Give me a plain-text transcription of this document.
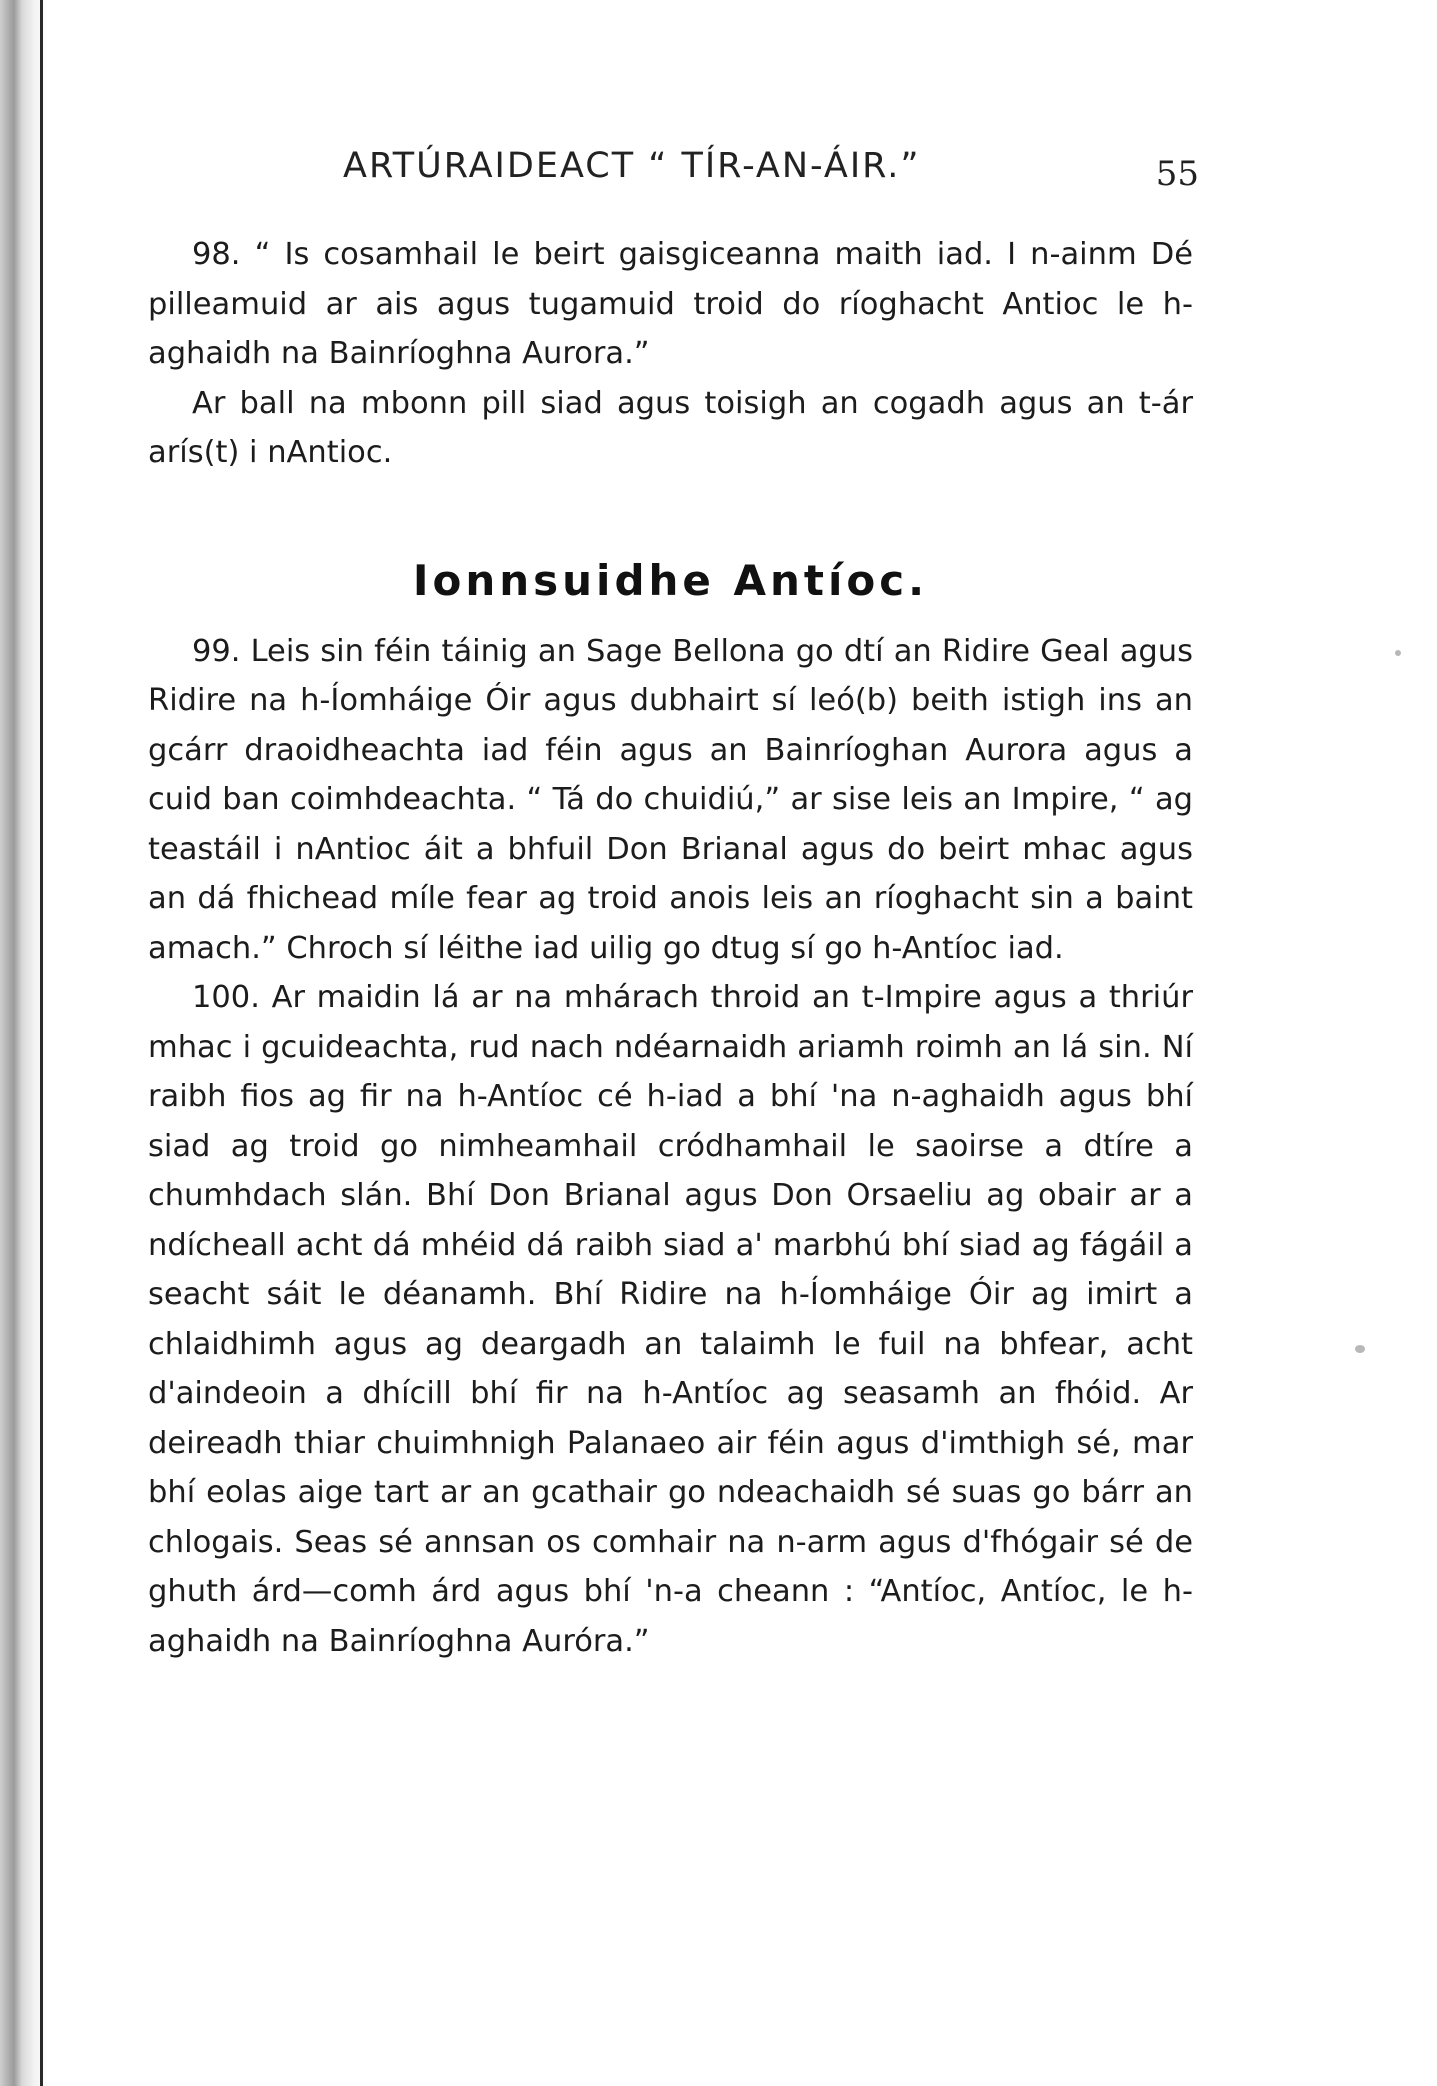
ARTÚRAIDEACT “ TÍR-AN-ÁIR.”	55

98. “ Is cosamhail le beirt gaisgiceanna maith iad. I n-ainm Dé pilleamuid ar ais agus tugamuid troid do ríoghacht Antioc le h-aghaidh na Bainríoghna Aurora.”

Ar ball na mbonn pill siad agus toisigh an cogadh agus an t-ár arís(t) i nAntioc.

Ionnsuidhe Antíoc.

99. Leis sin féin táinig an Sage Bellona go dtí an Ridire Geal agus Ridire na h-Íomháige Óir agus dubhairt sí leó(b) beith istigh ins an gcárr draoidheachta iad féin agus an Bainríoghan Aurora agus a cuid ban coimhdeachta. “ Tá do chuidiú,” ar sise leis an Impire, “ ag teastáil i nAntioc áit a bhfuil Don Brianal agus do beirt mhac agus an dá fhichead míle fear ag troid anois leis an ríoghacht sin a baint amach.” Chroch sí léithe iad uilig go dtug sí go h-Antíoc iad.

100. Ar maidin lá ar na mhárach throid an t-Impire agus a thriúr mhac i gcuideachta, rud nach ndéarnaidh ariamh roimh an lá sin. Ní raibh fios ag fir na h-Antíoc cé h-iad a bhí 'na n-aghaidh agus bhí siad ag troid go nimheamhail cródhamhail le saoirse a dtíre a chumhdach slán. Bhí Don Brianal agus Don Orsaeliu ag obair ar a ndícheall acht dá mhéid dá raibh siad a' marbhú bhí siad ag fágáil a seacht sáit le déanamh. Bhí Ridire na h-Íomháige Óir ag imirt a chlaidhimh agus ag deargadh an talaimh le fuil na bhfear, acht d'aindeoin a dhícill bhí fir na h-Antíoc ag seasamh an fhóid. Ar deireadh thiar chuimhnigh Palanaeo air féin agus d'imthigh sé, mar bhí eolas aige tart ar an gcathair go ndeachaidh sé suas go bárr an chlogais. Seas sé annsan os comhair na n-arm agus d'fhógair sé de ghuth árd—comh árd agus bhí 'n-a cheann : “Antíoc, Antíoc, le h-aghaidh na Bainríoghna Auróra.”
